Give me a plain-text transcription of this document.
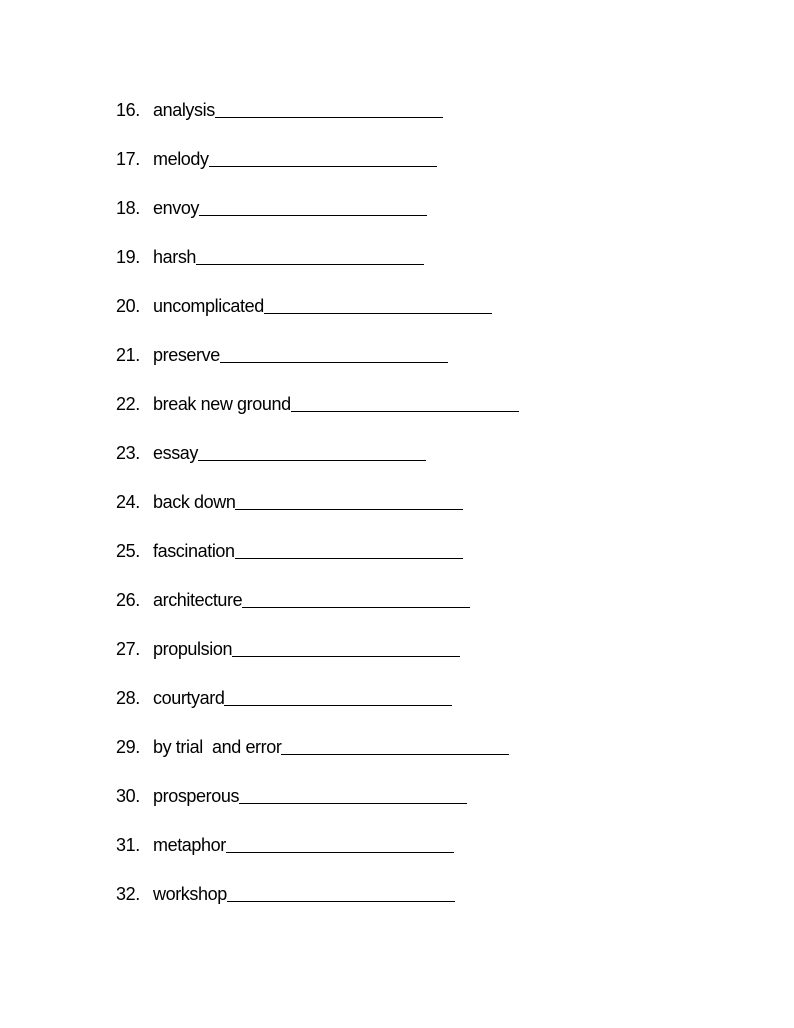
16. analysis
17. melody
18. envoy
19. harsh
20. uncomplicated
21. preserve
22. break new ground
23. essay
24. back down
25. fascination
26. architecture
27. propulsion
28. courtyard
29. by trial  and error
30. prosperous
31. metaphor
32. workshop
